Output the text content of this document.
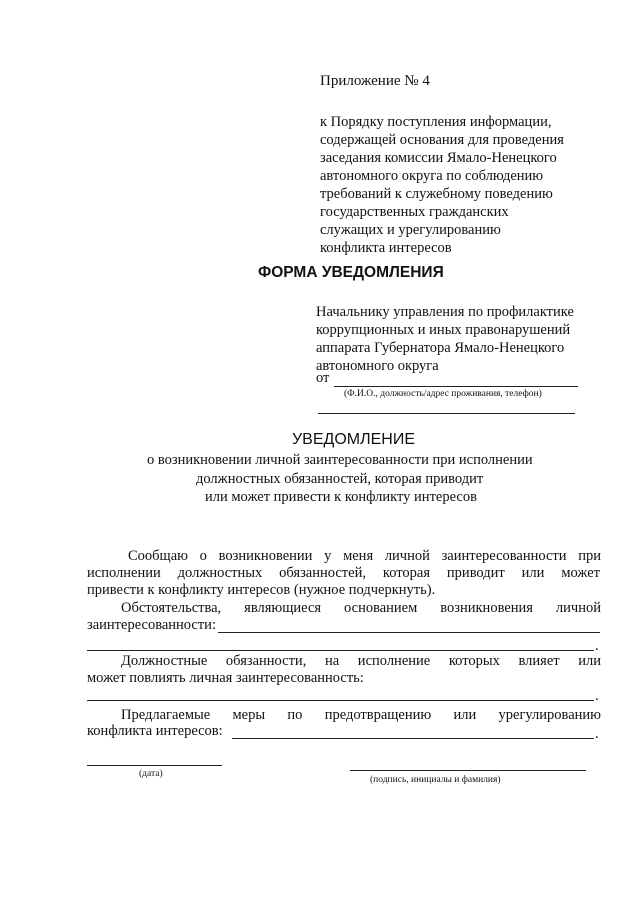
Приложение № 4
к Порядку поступления информации,
содержащей основания для проведения
заседания комиссии Ямало-Ненецкого
автономного округа по соблюдению
требований к служебному поведению
государственных гражданских
служащих и урегулированию
конфликта интересов
ФОРМА УВЕДОМЛЕНИЯ
Начальнику управления по профилактике
коррупционных и иных правонарушений
аппарата Губернатора Ямало-Ненецкого
автономного округа
от
(Ф.И.О., должность/адрес проживания, телефон)
УВЕДОМЛЕНИЕ
о возникновении личной заинтересованности при исполнении
должностных обязанностей, которая приводит
или может привести к конфликту интересов
Сообщаю о возникновении у меня личной заинтересованности при
исполнении должностных обязанностей, которая приводит или может
привести к конфликту интересов (нужное подчеркнуть).
Обстоятельства, являющиеся основанием возникновения личной
заинтересованности:
.
Должностные обязанности, на исполнение которых влияет или
может повлиять личная заинтересованность:
.
Предлагаемые меры по предотвращению или урегулированию
конфликта интересов:	.
(дата)
(подпись, инициалы и фамилия)
